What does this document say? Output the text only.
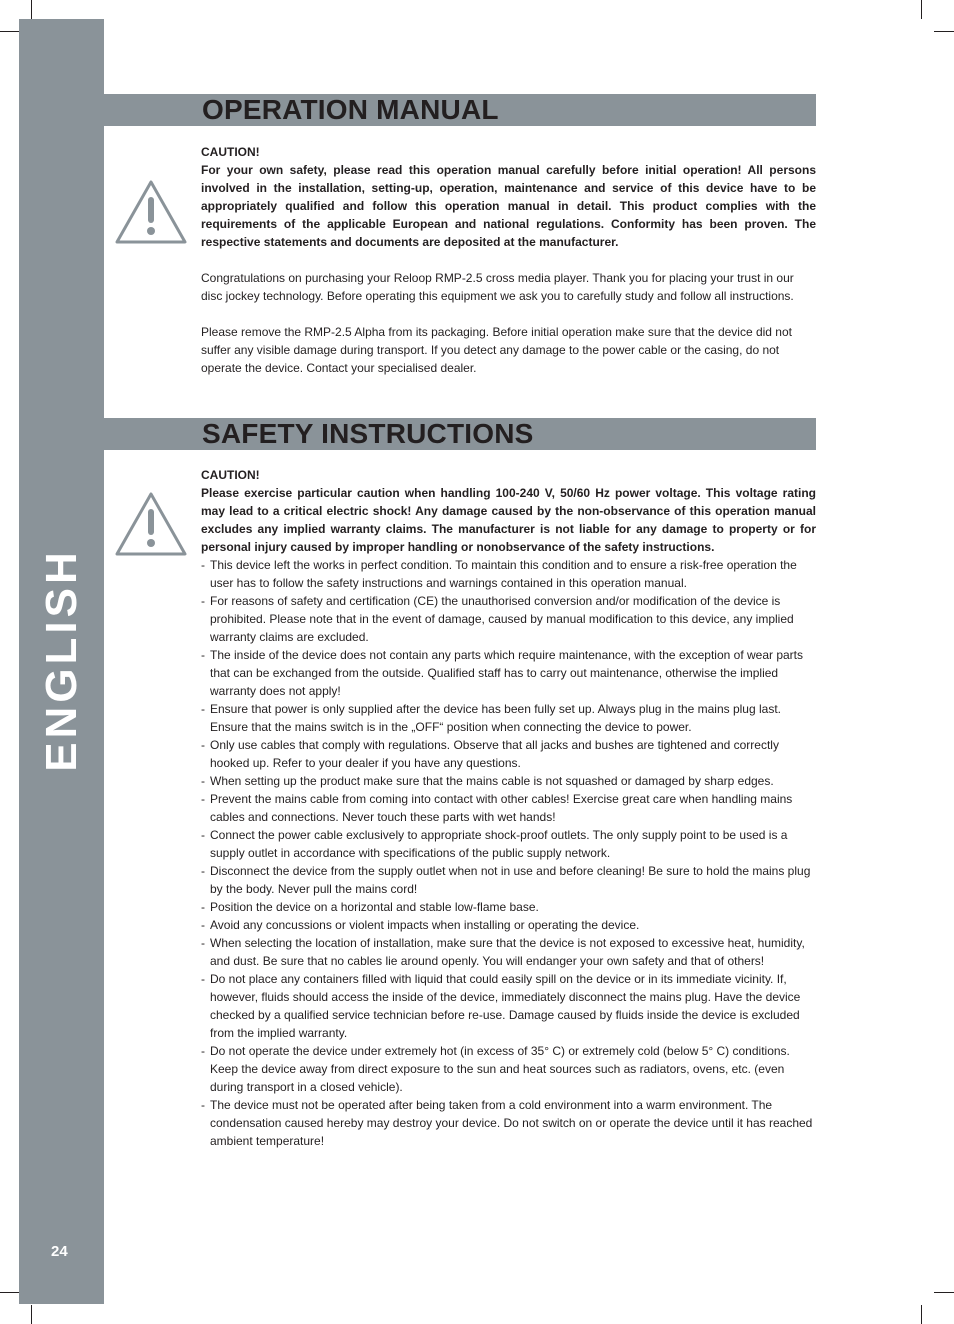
ENGLISH
24
OPERATION MANUAL
CAUTION!
For your own safety, please read this operation manual carefully before initial operation! All persons involved in the installation, setting-up, operation, maintenance and service of this device have to be appropriately qualified and follow this operation manual in detail. This product complies with the requirements of the applicable European and national regulations. Conformity has been proven. The respective statements and documents are deposited at the manufacturer.

Congratulations on purchasing your Reloop RMP-2.5 cross media player. Thank you for placing your trust in our disc jockey technology. Before operating this equipment we ask you to carefully study and follow all instructions.

Please remove the RMP-2.5 Alpha from its packaging. Before initial operation make sure that the device did not suffer any visible damage during transport. If you detect any damage to the power cable or the casing, do not operate the device. Contact your specialised dealer.

SAFETY INSTRUCTIONS
CAUTION!
Please exercise particular caution when handling 100-240 V, 50/60 Hz power voltage. This voltage rating may lead to a critical electric shock! Any damage caused by the non-observance of this operation manual excludes any implied warranty claims. The manufacturer is not liable for any damage to property or for personal injury caused by improper handling or nonobservance of the safety instructions.
- This device left the works in perfect condition. To maintain this condition and to ensure a risk-free operation the user has to follow the safety instructions and warnings contained in this operation manual.
- For reasons of safety and certification (CE) the unauthorised conversion and/or modification of the device is prohibited. Please note that in the event of damage, caused by manual modification to this device, any implied warranty claims are excluded.
- The inside of the device does not contain any parts which require maintenance, with the exception of wear parts that can be exchanged from the outside. Qualified staff has to carry out maintenance, otherwise the implied warranty does not apply!
- Ensure that power is only supplied after the device has been fully set up. Always plug in the mains plug last. Ensure that the mains switch is in the „OFF“ position when connecting the device to power.
- Only use cables that comply with regulations. Observe that all jacks and bushes are tightened and correctly hooked up. Refer to your dealer if you have any questions.
- When setting up the product make sure that the mains cable is not squashed or damaged by sharp edges.
- Prevent the mains cable from coming into contact with other cables! Exercise great care when handling mains cables and connections. Never touch these parts with wet hands!
- Connect the power cable exclusively to appropriate shock-proof outlets. The only supply point to be used is a supply outlet in accordance with specifications of the public supply network.
- Disconnect the device from the supply outlet when not in use and before cleaning! Be sure to hold the mains plug by the body. Never pull the mains cord!
- Position the device on a horizontal and stable low-flame base.
- Avoid any concussions or violent impacts when installing or operating the device.
- When selecting the location of installation, make sure that the device is not exposed to excessive heat, humidity, and dust. Be sure that no cables lie around openly. You will endanger your own safety and that of others!
- Do not place any containers filled with liquid that could easily spill on the device or in its immediate vicinity. If, however, fluids should access the inside of the device, immediately disconnect the mains plug. Have the device checked by a qualified service technician before re-use. Damage caused by fluids inside the device is excluded from the implied warranty.
- Do not operate the device under extremely hot (in excess of 35° C) or extremely cold (below 5° C) conditions. Keep the device away from direct exposure to the sun and heat sources such as radiators, ovens, etc. (even during transport in a closed vehicle).
- The device must not be operated after being taken from a cold environment into a warm environment. The condensation caused hereby may destroy your device. Do not switch on or operate the device until it has reached ambient temperature!
